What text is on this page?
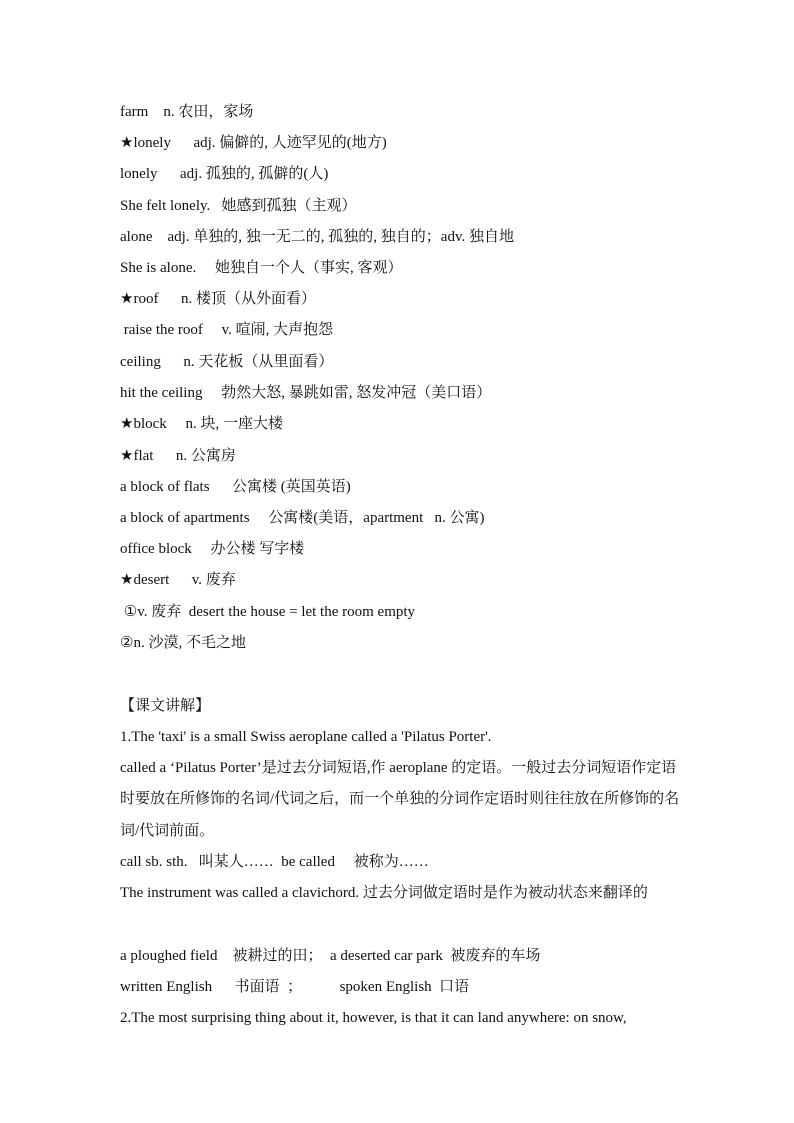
farm    n. 农田，家场
★lonely      adj. 偏僻的, 人迹罕见的(地方)
lonely      adj. 孤独的, 孤僻的(人)
She felt lonely.   她感到孤独（主观）
alone    adj. 单独的, 独一无二的, 孤独的, 独自的；adv. 独自地
She is alone.     她独自一个人（事实, 客观）
★roof      n. 楼顶（从外面看）
raise the roof     v. 喧闹, 大声抱怨
ceiling      n. 天花板（从里面看）
hit the ceiling     勃然大怒, 暴跳如雷, 怒发冲冠（美口语）
★block     n. 块, 一座大楼
★flat      n. 公寓房
a block of flats      公寓楼 (英国英语)
a block of apartments     公寓楼(美语，apartment   n. 公寓)
office block     办公楼 写字楼
★desert      v. 废弃
①v. 废弃  desert the house = let the room empty
②n. 沙漠, 不毛之地
【课文讲解】
1.The 'taxi' is a small Swiss aeroplane called a 'Pilatus Porter'.
called a ‘Pilatus Porter’是过去分词短语,作 aeroplane 的定语。一般过去分词短语作定语时要放在所修饰的名词/代词之后，而一个单独的分词作定语时则往往放在所修饰的名词/代词前面。
call sb. sth.   叫某人……  be called     被称为……
The instrument was called a clavichord. 过去分词做定语时是作为被动状态来翻译的
a ploughed field    被耕过的田；  a deserted car park  被废弃的车场
written English      书面语  ；          spoken English  口语
2.The most surprising thing about it, however, is that it can land anywhere: on snow,
